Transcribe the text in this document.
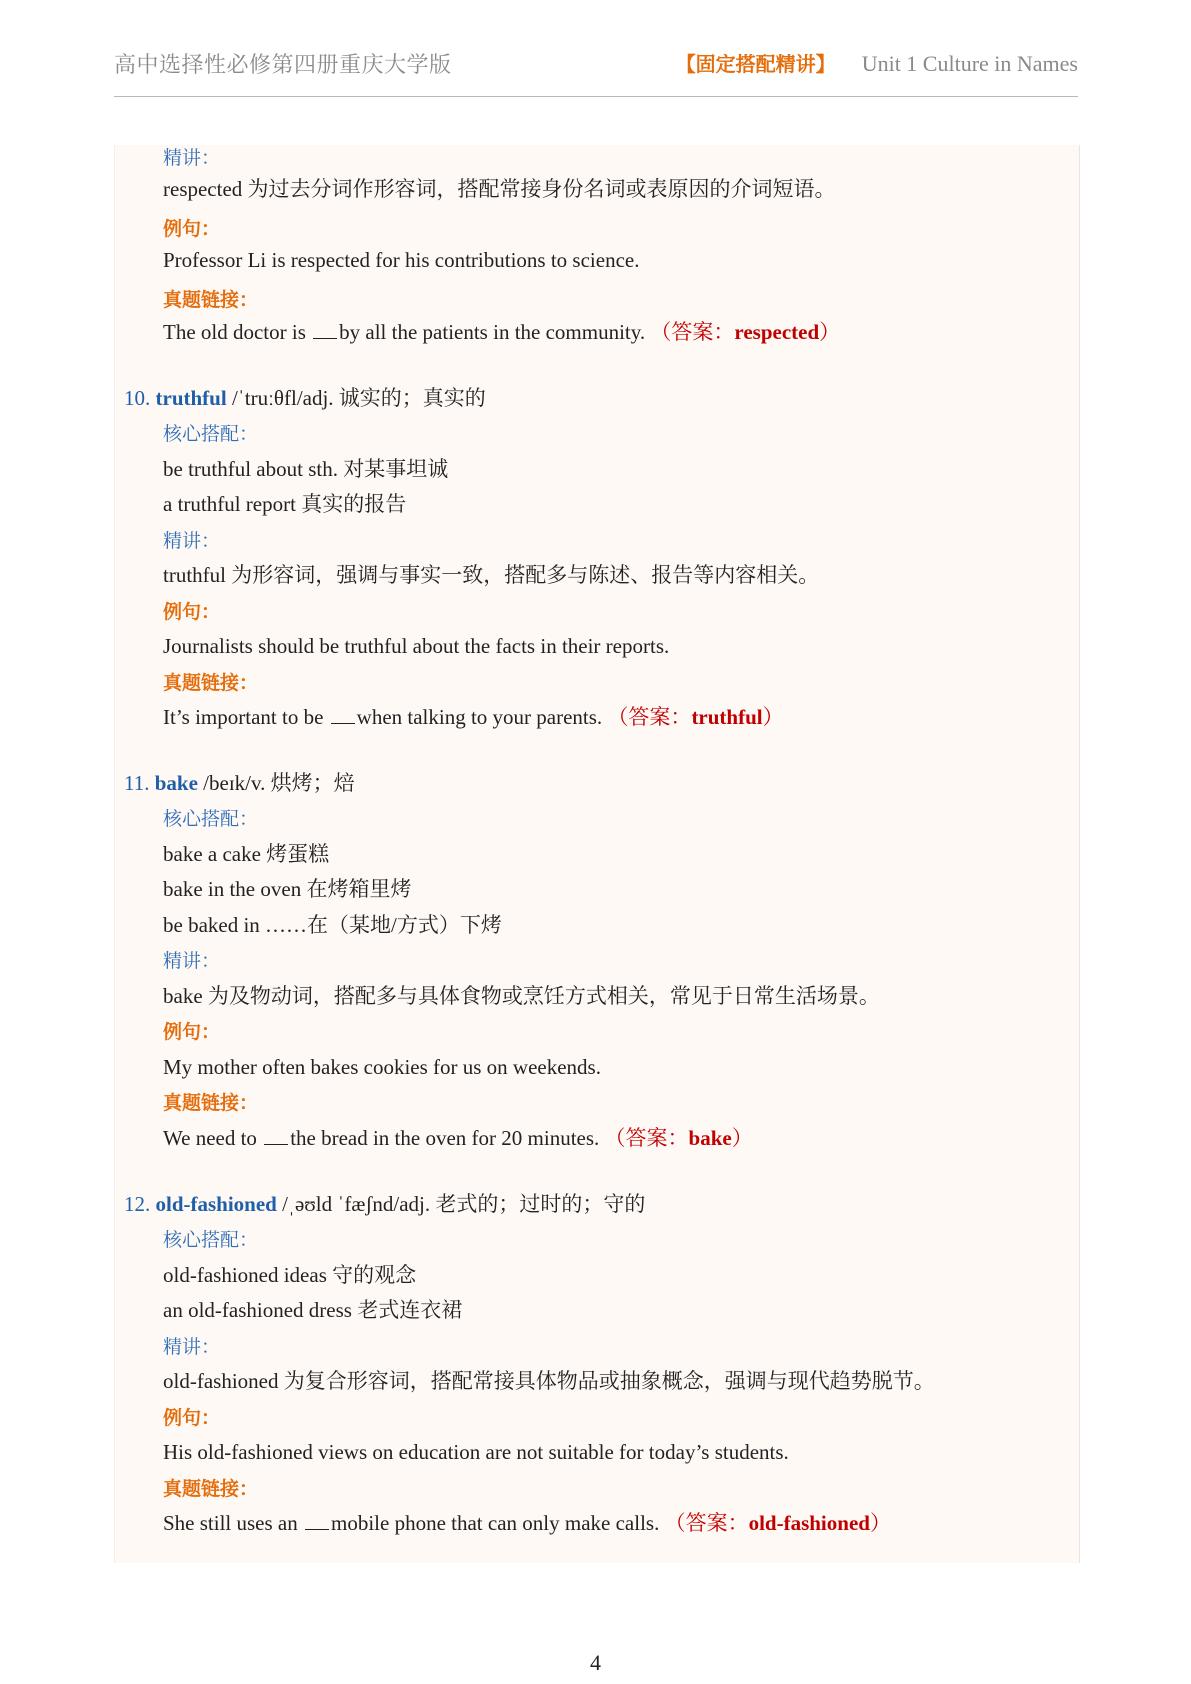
高中选择性必修第四册重庆大学版	【固定搭配精讲】 Unit 1 Culture in Names
精讲：
respected 为过去分词作形容词，搭配常接身份名词或表原因的介词短语。
例句：
Professor Li is respected for his contributions to science.
真题链接：
The old doctor is by all the patients in the community. （答案：respected）
10. truthful /ˈtruːθfl/adj. 诚实的；真实的
核心搭配：
be truthful about sth. 对某事坦诚
a truthful report 真实的报告
精讲：
truthful 为形容词，强调与事实一致，搭配多与陈述、报告等内容相关。
例句：
Journalists should be truthful about the facts in their reports.
真题链接：
It’s important to be when talking to your parents. （答案：truthful）
11. bake /beɪk/v. 烘烤；焙
核心搭配：
bake a cake 烤蛋糕
bake in the oven 在烤箱里烤
be baked in ……在（某地/方式）下烤
精讲：
bake 为及物动词，搭配多与具体食物或烹饪方式相关，常见于日常生活场景。
例句：
My mother often bakes cookies for us on weekends.
真题链接：
We need to the bread in the oven for 20 minutes. （答案：bake）
12. old-fashioned /ˌəʊld ˈfæʃnd/adj. 老式的；过时的；守的
核心搭配：
old-fashioned ideas 守的观念
an old-fashioned dress 老式连衣裙
精讲：
old-fashioned 为复合形容词，搭配常接具体物品或抽象概念，强调与现代趋势脱节。
例句：
His old-fashioned views on education are not suitable for today’s students.
真题链接：
She still uses an mobile phone that can only make calls. （答案：old-fashioned）
4
